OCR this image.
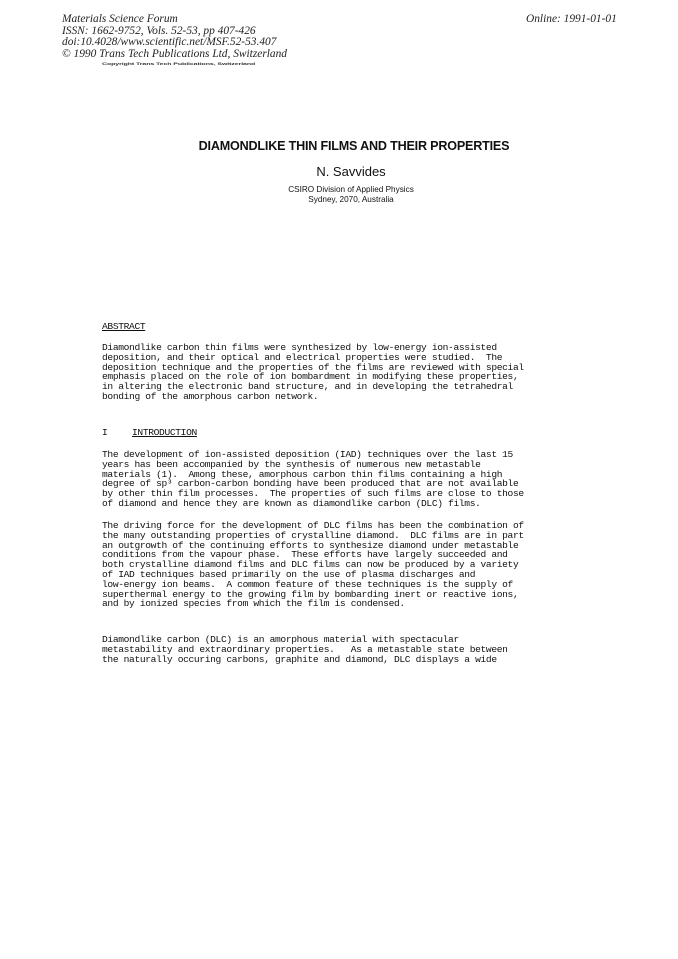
Materials Science Forum
ISSN: 1662-9752, Vols. 52-53, pp 407-426
doi:10.4028/www.scientific.net/MSF.52-53.407
© 1990 Trans Tech Publications Ltd, Switzerland
Online: 1991-01-01
Copyright Trans Tech Publications, Switzerland
DIAMONDLIKE THIN FILMS AND THEIR PROPERTIES
N. Savvides
CSIRO Division of Applied Physics
Sydney, 2070, Australia
ABSTRACT
Diamondlike carbon thin films were synthesized by low-energy ion-assisted
deposition, and their optical and electrical properties were studied.  The
deposition technique and the properties of the films are reviewed with special
emphasis placed on the role of ion bombardment in modifying these properties,
in altering the electronic band structure, and in developing the tetrahedral
bonding of the amorphous carbon network.
I	INTRODUCTION
The development of ion-assisted deposition (IAD) techniques over the last 15
years has been accompanied by the synthesis of numerous new metastable
materials (1).  Among these, amorphous carbon thin films containing a high
degree of sp³ carbon-carbon bonding have been produced that are not available
by other thin film processes.  The properties of such films are close to those
of diamond and hence they are known as diamondlike carbon (DLC) films.
The driving force for the development of DLC films has been the combination of
the many outstanding properties of crystalline diamond.  DLC films are in part
an outgrowth of the continuing efforts to synthesize diamond under metastable
conditions from the vapour phase.  These efforts have largely succeeded and
both crystalline diamond films and DLC films can now be produced by a variety
of IAD techniques based primarily on the use of plasma discharges and
low-energy ion beams.  A common feature of these techniques is the supply of
superthermal energy to the growing film by bombarding inert or reactive ions,
and by ionized species from which the film is condensed.
Diamondlike carbon (DLC) is an amorphous material with spectacular
metastability and extraordinary properties.   As a metastable state between
the naturally occuring carbons, graphite and diamond, DLC displays a wide
